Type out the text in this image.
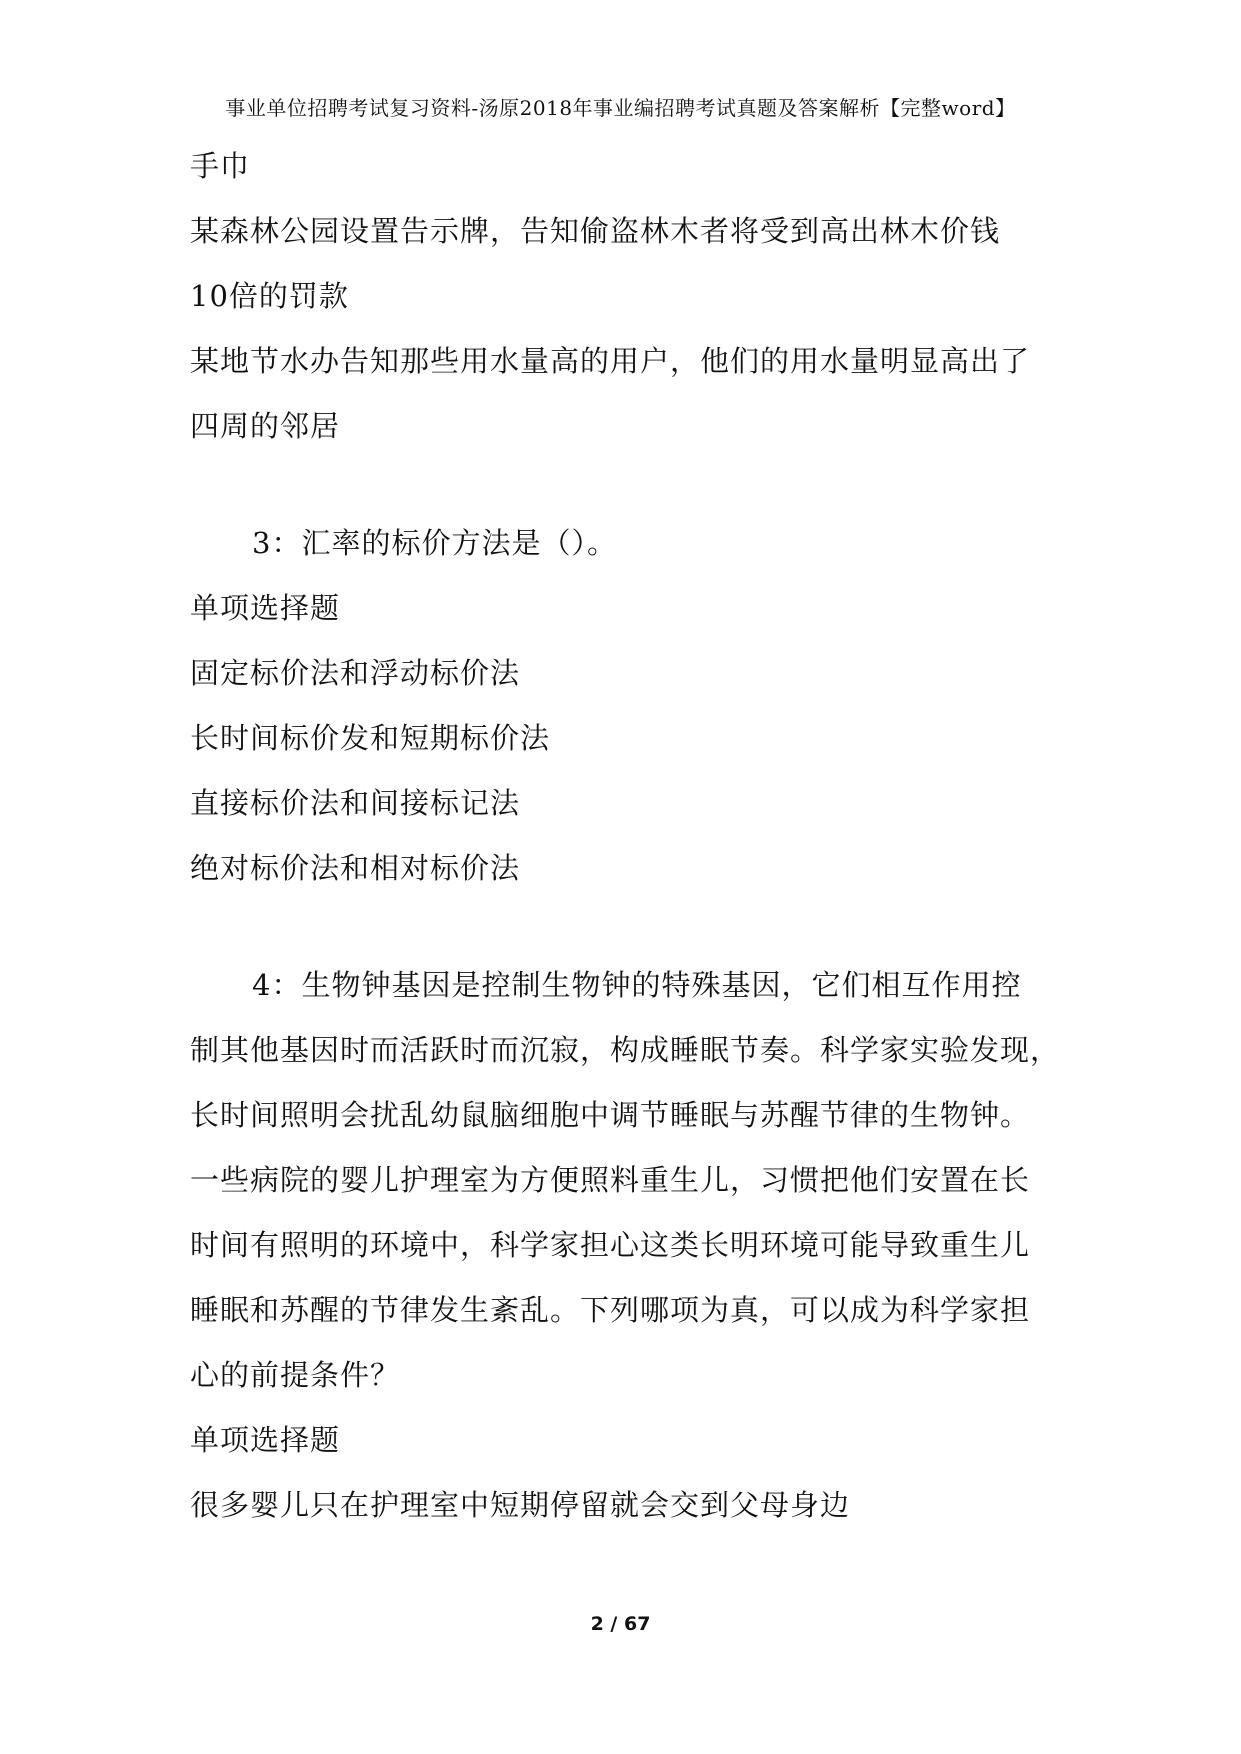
事业单位招聘考试复习资料-汤原2018年事业编招聘考试真题及答案解析【完整word】
手巾
某森林公园设置告示牌，告知偷盗林木者将受到高出林木价钱
10倍的罚款
某地节水办告知那些用水量高的用户，他们的用水量明显高出了
四周的邻居
3：汇率的标价方法是（）。
单项选择题
固定标价法和浮动标价法
长时间标价发和短期标价法
直接标价法和间接标记法
绝对标价法和相对标价法
4：生物钟基因是控制生物钟的特殊基因，它们相互作用控
制其他基因时而活跃时而沉寂，构成睡眠节奏。科学家实验发现，
长时间照明会扰乱幼鼠脑细胞中调节睡眠与苏醒节律的生物钟。
一些病院的婴儿护理室为方便照料重生儿，习惯把他们安置在长
时间有照明的环境中，科学家担心这类长明环境可能导致重生儿
睡眠和苏醒的节律发生紊乱。下列哪项为真，可以成为科学家担
心的前提条件？
单项选择题
很多婴儿只在护理室中短期停留就会交到父母身边
2 / 67
